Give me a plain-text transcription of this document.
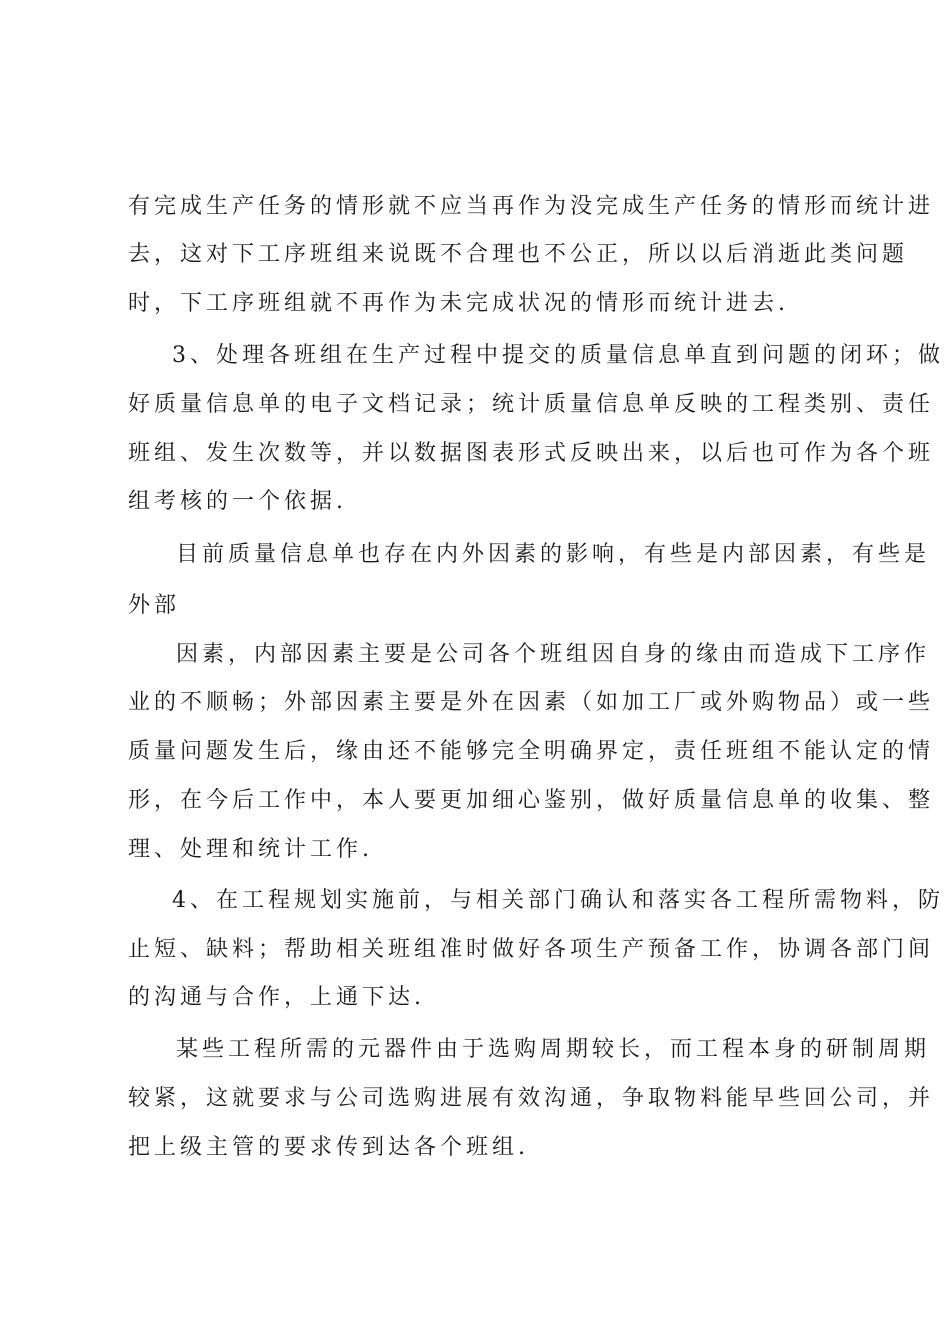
有完成生产任务的情形就不应当再作为没完成生产任务的情形而统计进
去，这对下工序班组来说既不合理也不公正，所以以后消逝此类问题
时，下工序班组就不再作为未完成状况的情形而统计进去.
3、处理各班组在生产过程中提交的质量信息单直到问题的闭环；做
好质量信息单的电子文档记录；统计质量信息单反映的工程类别、责任
班组、发生次数等，并以数据图表形式反映出来，以后也可作为各个班
组考核的一个依据.
目前质量信息单也存在内外因素的影响，有些是内部因素，有些是
外部
因素，内部因素主要是公司各个班组因自身的缘由而造成下工序作
业的不顺畅；外部因素主要是外在因素（如加工厂或外购物品）或一些
质量问题发生后，缘由还不能够完全明确界定，责任班组不能认定的情
形，在今后工作中，本人要更加细心鉴别，做好质量信息单的收集、整
理、处理和统计工作.
4、在工程规划实施前，与相关部门确认和落实各工程所需物料，防
止短、缺料；帮助相关班组准时做好各项生产预备工作，协调各部门间
的沟通与合作，上通下达.
某些工程所需的元器件由于选购周期较长，而工程本身的研制周期
较紧，这就要求与公司选购进展有效沟通，争取物料能早些回公司，并
把上级主管的要求传到达各个班组.
